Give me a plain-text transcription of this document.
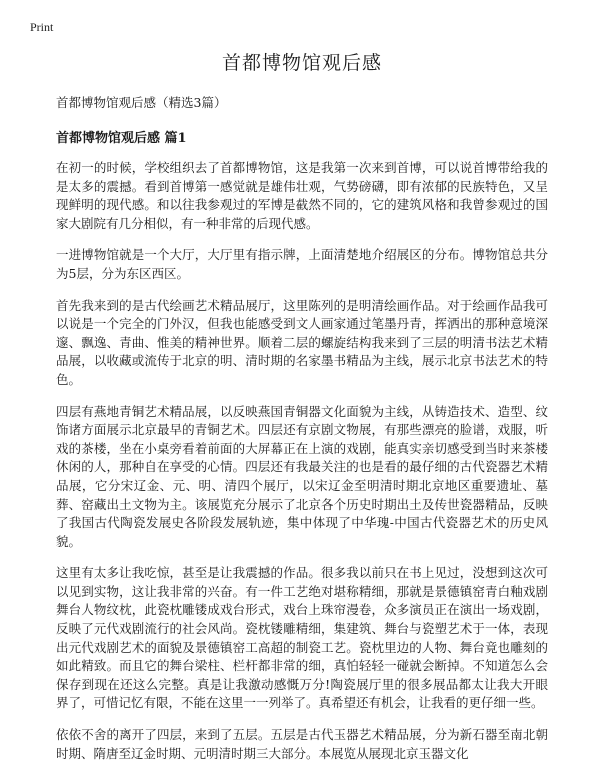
Print
首都博物馆观后感
首都博物馆观后感（精选3篇）
首都博物馆观后感 篇1

在初一的时候，学校组织去了首都博物馆，这是我第一次来到首博，可以说首博带给我的是太多的震撼。看到首博第一感觉就是雄伟壮观，气势磅礴，即有浓郁的民族特色，又呈现鲜明的现代感。和以往我参观过的军博是截然不同的，它的建筑风格和我曾参观过的国家大剧院有几分相似，有一种非常的后现代感。

一进博物馆就是一个大厅，大厅里有指示牌，上面清楚地介绍展区的分布。博物馆总共分为5层，分为东区西区。

首先我来到的是古代绘画艺术精品展厅，这里陈列的是明清绘画作品。对于绘画作品我可以说是一个完全的门外汉，但我也能感受到文人画家通过笔墨丹青，挥洒出的那种意境深邃、飘逸、青曲、惟美的精神世界。顺着二层的螺旋结构我来到了三层的明清书法艺术精品展，以收藏或流传于北京的明、清时期的名家墨书精品为主线，展示北京书法艺术的特色。

四层有燕地青铜艺术精品展，以反映燕国青铜器文化面貌为主线，从铸造技术、造型、纹饰诸方面展示北京最早的青铜艺术。四层还有京剧文物展，有那些漂亮的脸谱，戏服，听戏的茶楼，坐在小桌旁看着前面的大屏幕正在上演的戏剧，能真实亲切感受到当时来茶楼休闲的人，那种自在享受的心情。四层还有我最关注的也是看的最仔细的古代瓷器艺术精品展，它分宋辽金、元、明、清四个展厅，以宋辽金至明清时期北京地区重要遗址、墓葬、窑藏出土文物为主。该展览充分展示了北京各个历史时期出土及传世瓷器精品，反映了我国古代陶瓷发展史各阶段发展轨迹，集中体现了中华瑰-中国古代瓷器艺术的历史风貌。

这里有太多让我吃惊，甚至是让我震撼的作品。很多我以前只在书上见过，没想到这次可以见到实物，这让我非常的兴奋。有一件工艺绝对堪称精细，那就是景德镇窑青白釉戏剧舞台人物纹枕，此瓷枕雕镂成戏台形式，戏台上珠帘漫卷，众多演员正在演出一场戏剧，反映了元代戏剧流行的社会风尚。瓷枕镂雕精细，集建筑、舞台与瓷塑艺术于一体，表现出元代戏剧艺术的面貌及景德镇窑工高超的制瓷工艺。瓷枕里边的人物、舞台竟也雕刻的如此精致。而且它的舞台梁柱、栏杆都非常的细，真怕轻轻一碰就会断掉。不知道怎么会保存到现在还这么完整。真是让我激动感慨万分!陶瓷展厅里的很多展品都太让我大开眼界了，可惜记忆有限，不能在这里一一列举了。真希望还有机会，让我看的更仔细一些。

依依不舍的离开了四层，来到了五层。五层是古代玉器艺术精品展，分为新石器至南北朝时期、隋唐至辽金时期、元明清时期三大部分。本展览从展现北京玉器文化
